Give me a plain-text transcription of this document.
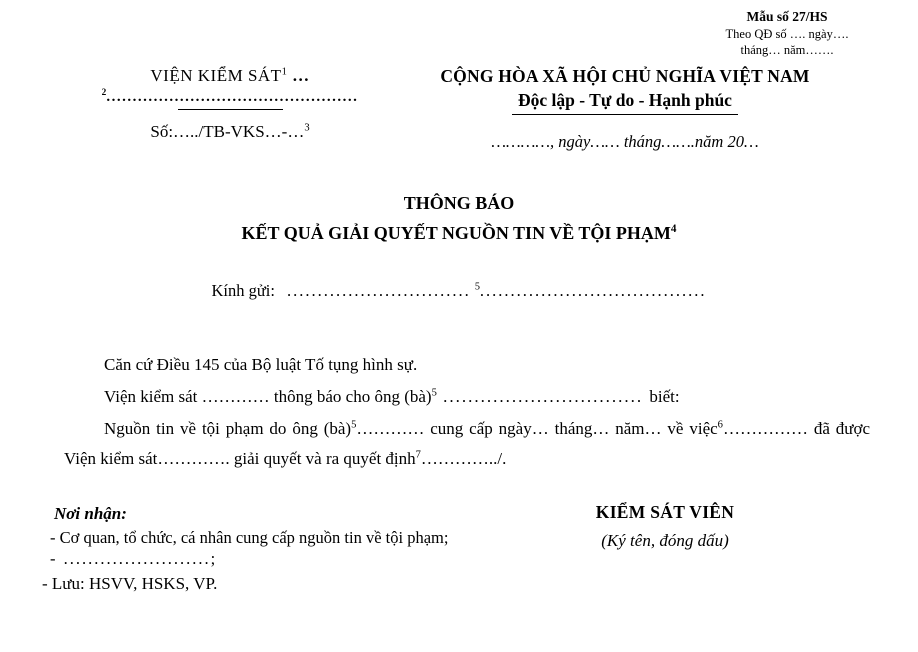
Mẫu số 27/HS
Theo QĐ số …. ngày….
tháng… năm…….
VIỆN KIỂM SÁT$^1$ …
$^2$................................................
Số:…../TB-VKS…-…$^3$
CỘNG HÒA XÃ HỘI CHỦ NGHĨA VIỆT NAM
Độc lập - Tự do - Hạnh phúc
…………, ngày…… tháng…….năm 20…
THÔNG BÁO
KẾT QUẢ GIẢI QUYẾT NGUỒN TIN VỀ TỘI PHẠM$^4$
Kính gửi: .............................. $^5$.....................................

Căn cứ Điều 145 của Bộ luật Tố tụng hình sự.

Viện kiểm sát ………… thông báo cho ông (bà)$^5$ ................................ biết:

Nguồn tin về tội phạm do ông (bà)$^5$………… cung cấp ngày… tháng… năm… về việc$^6$…………… đã được Viện kiểm sát…………. giải quyết và ra quyết định$^7$…………../.

Nơi nhận:
- Cơ quan, tổ chức, cá nhân cung cấp nguồn tin về tội phạm;
- ........................;
- Lưu: HSVV, HSKS, VP.
KIỂM SÁT VIÊN
(Ký tên, đóng dấu)
